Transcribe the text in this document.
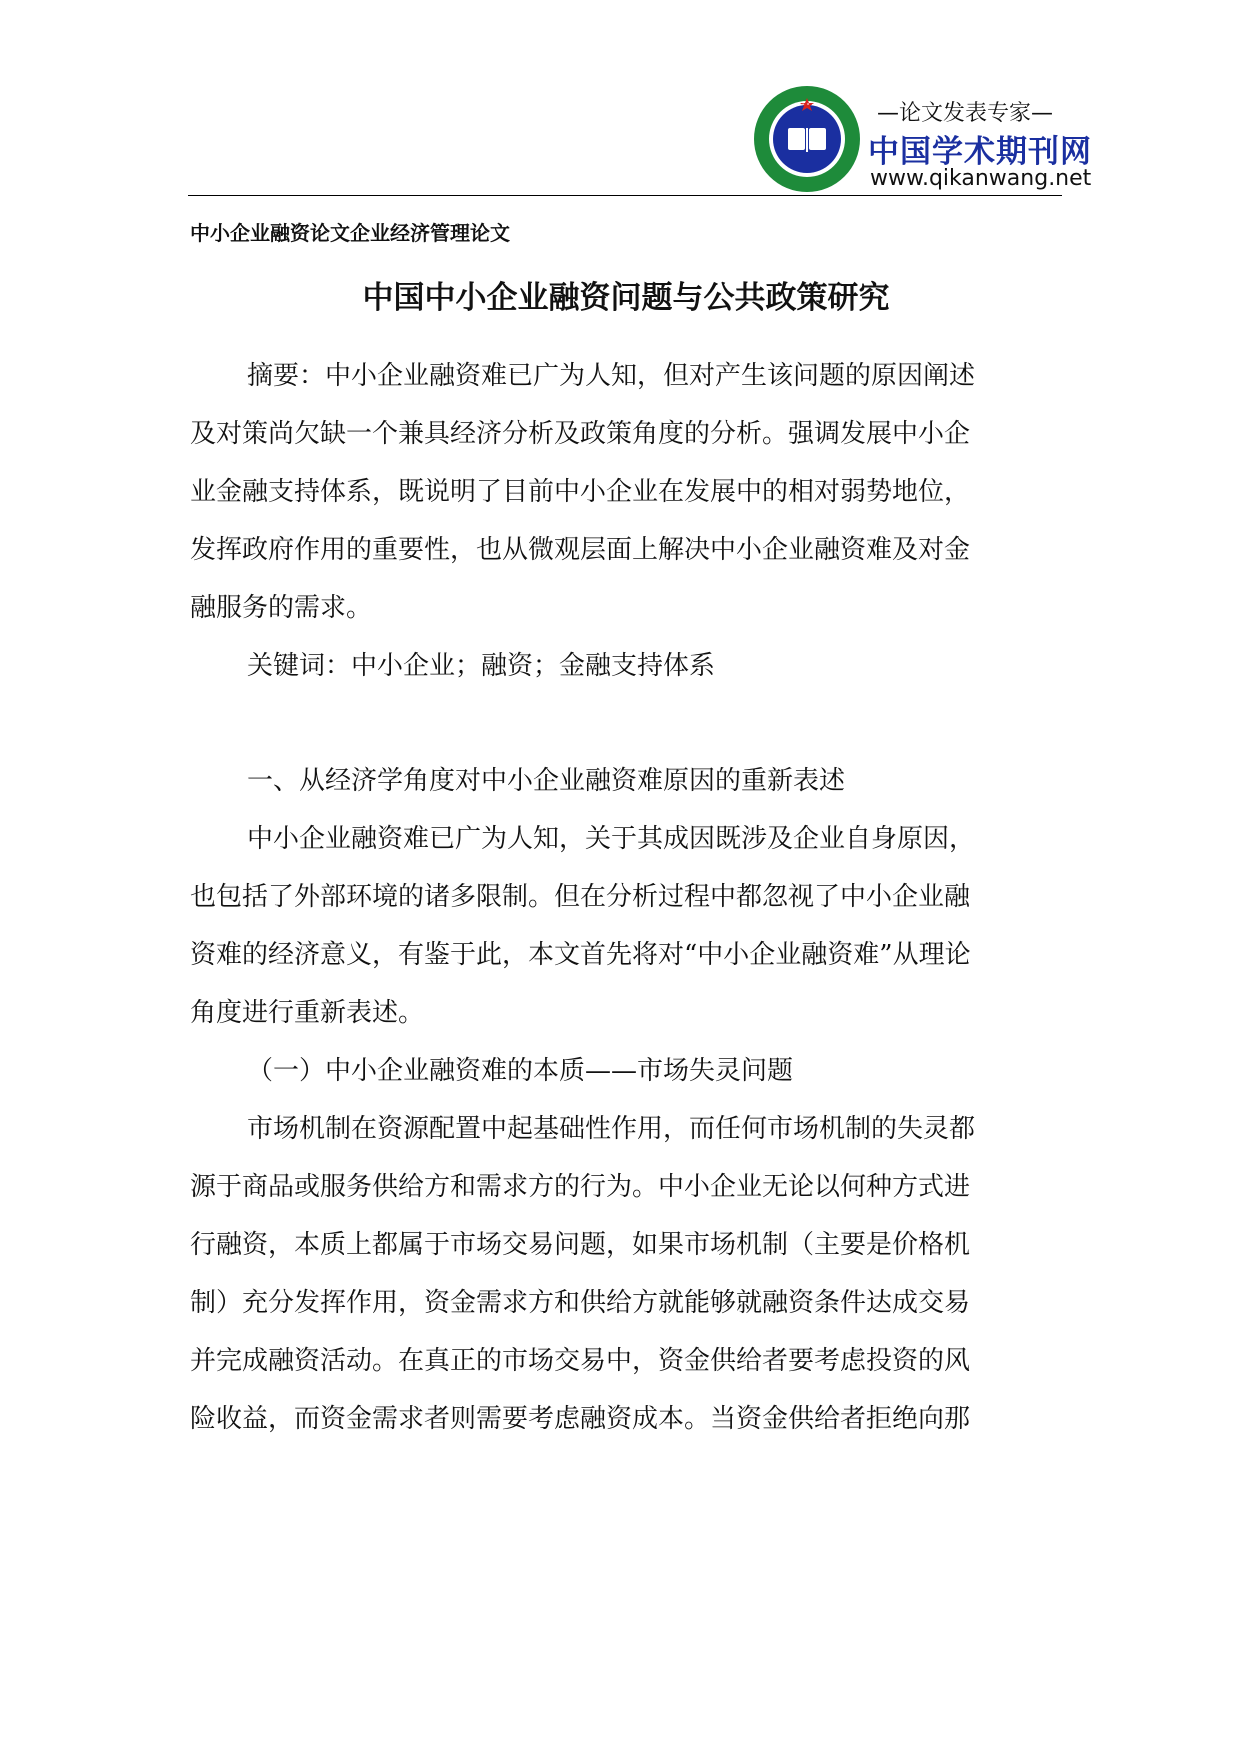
—论文发表专家—
中国学术期刊网
www.qikanwang.net
中小企业融资论文企业经济管理论文
中国中小企业融资问题与公共政策研究
摘要：中小企业融资难已广为人知，但对产生该问题的原因阐述
及对策尚欠缺一个兼具经济分析及政策角度的分析。强调发展中小企
业金融支持体系，既说明了目前中小企业在发展中的相对弱势地位，
发挥政府作用的重要性，也从微观层面上解决中小企业融资难及对金
融服务的需求。
关键词：中小企业；融资；金融支持体系
一、从经济学角度对中小企业融资难原因的重新表述
中小企业融资难已广为人知，关于其成因既涉及企业自身原因，
也包括了外部环境的诸多限制。但在分析过程中都忽视了中小企业融
资难的经济意义，有鉴于此，本文首先将对“中小企业融资难”从理论
角度进行重新表述。
（一）中小企业融资难的本质——市场失灵问题
市场机制在资源配置中起基础性作用，而任何市场机制的失灵都
源于商品或服务供给方和需求方的行为。中小企业无论以何种方式进
行融资，本质上都属于市场交易问题，如果市场机制（主要是价格机
制）充分发挥作用，资金需求方和供给方就能够就融资条件达成交易
并完成融资活动。在真正的市场交易中，资金供给者要考虑投资的风
险收益，而资金需求者则需要考虑融资成本。当资金供给者拒绝向那
